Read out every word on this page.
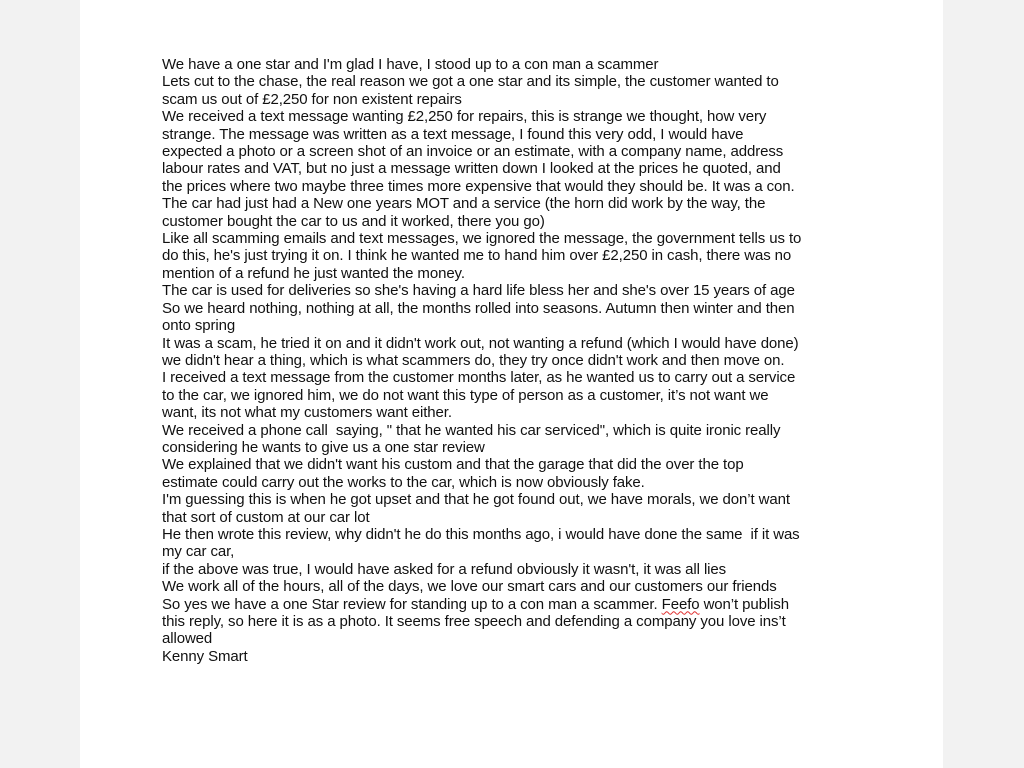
We have a one star and I'm glad I have, I stood up to a con man a scammer
Lets cut to the chase, the real reason we got a one star and its simple, the customer wanted to
scam us out of £2,250 for non existent repairs
We received a text message wanting £2,250 for repairs, this is strange we thought, how very
strange. The message was written as a text message, I found this very odd, I would have
expected a photo or a screen shot of an invoice or an estimate, with a company name, address
labour rates and VAT, but no just a message written down I looked at the prices he quoted, and
the prices where two maybe three times more expensive that would they should be. It was a con.
The car had just had a New one years MOT and a service (the horn did work by the way, the
customer bought the car to us and it worked, there you go)
Like all scamming emails and text messages, we ignored the message, the government tells us to
do this, he's just trying it on. I think he wanted me to hand him over £2,250 in cash, there was no
mention of a refund he just wanted the money.
The car is used for deliveries so she's having a hard life bless her and she's over 15 years of age
So we heard nothing, nothing at all, the months rolled into seasons. Autumn then winter and then
onto spring
It was a scam, he tried it on and it didn't work out, not wanting a refund (which I would have done)
we didn't hear a thing, which is what scammers do, they try once didn't work and then move on.
I received a text message from the customer months later, as he wanted us to carry out a service
to the car, we ignored him, we do not want this type of person as a customer, it’s not want we
want, its not what my customers want either.
We received a phone call  saying, " that he wanted his car serviced", which is quite ironic really
considering he wants to give us a one star review
We explained that we didn't want his custom and that the garage that did the over the top
estimate could carry out the works to the car, which is now obviously fake.
I'm guessing this is when he got upset and that he got found out, we have morals, we don’t want
that sort of custom at our car lot
He then wrote this review, why didn't he do this months ago, i would have done the same  if it was
my car car,
if the above was true, I would have asked for a refund obviously it wasn't, it was all lies
We work all of the hours, all of the days, we love our smart cars and our customers our friends
So yes we have a one Star review for standing up to a con man a scammer. Feefo won’t publish
this reply, so here it is as a photo. It seems free speech and defending a company you love ins’t
allowed
Kenny Smart
